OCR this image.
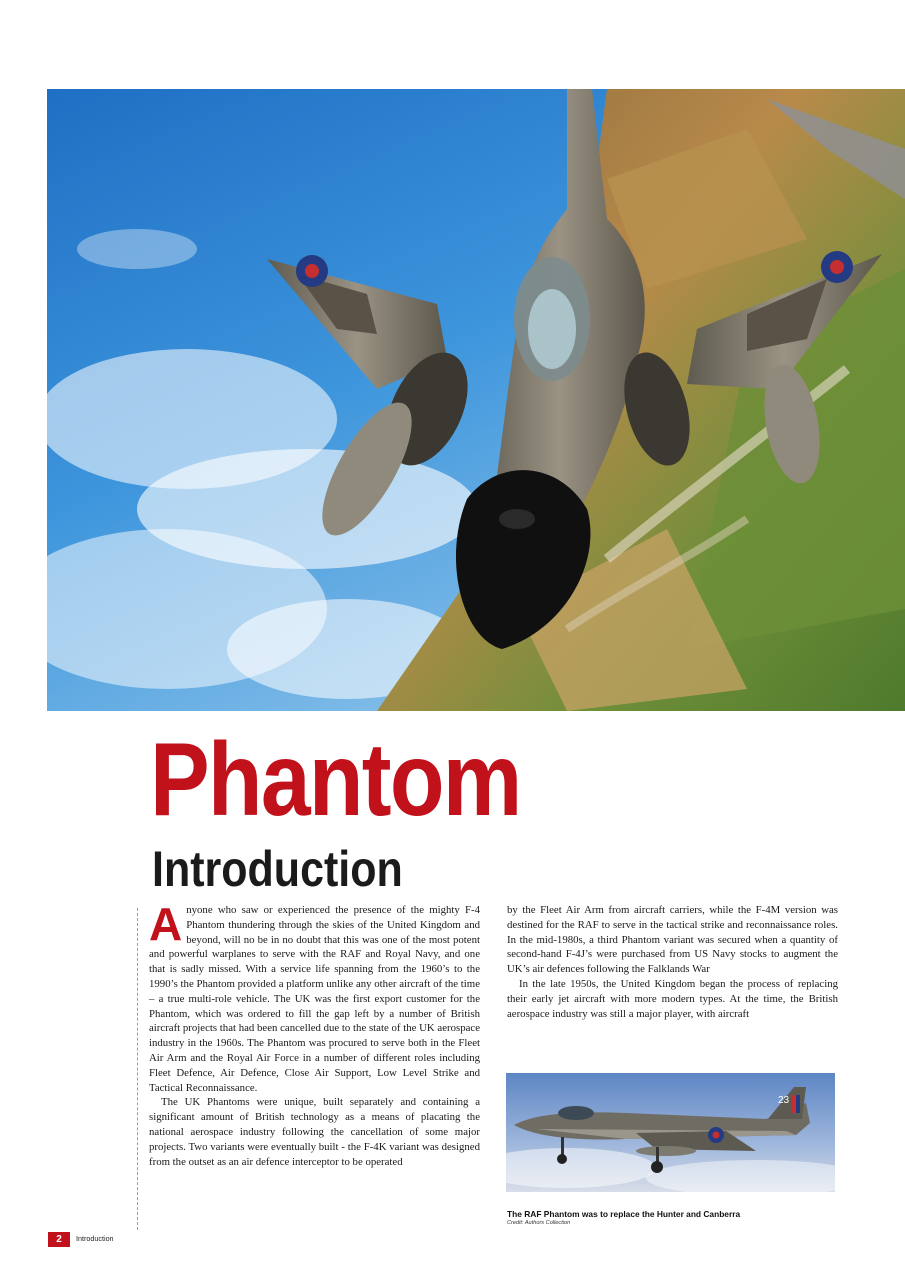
Phantom
Introduction

Anyone who saw or experienced the presence of the mighty F-4 Phantom thundering through the skies of the United Kingdom and beyond, will no be in no doubt that this was one of the most potent and powerful warplanes to serve with the RAF and Royal Navy, and one that is sadly missed. With a service life spanning from the 1960’s to the 1990’s the Phantom provided a platform unlike any other aircraft of the time – a true multi-role vehicle. The UK was the first export customer for the Phantom, which was ordered to fill the gap left by a number of British aircraft projects that had been cancelled due to the state of the UK aerospace industry in the 1960s. The Phantom was procured to serve both in the Fleet Air Arm and the Royal Air Force in a number of different roles including Fleet Defence, Air Defence, Close Air Support, Low Level Strike and Tactical Reconnaissance.

The UK Phantoms were unique, built separately and containing a significant amount of British technology as a means of placating the national aerospace industry following the cancellation of some major projects. Two variants were eventually built - the F-4K variant was designed from the outset as an air defence interceptor to be operated

by the Fleet Air Arm from aircraft carriers, while the F-4M version was destined for the RAF to serve in the tactical strike and reconnaissance roles. In the mid-1980s, a third Phantom variant was secured when a quantity of second-hand F-4J’s were purchased from US Navy stocks to augment the UK’s air defences following the Falklands War

In the late 1950s, the United Kingdom began the process of replacing their early jet aircraft with more modern types. At the time, the British aerospace industry was still a major player, with aircraft

23

The RAF Phantom was to replace the Hunter and Canberra

Credit: Authors Collection

2	Introduction
